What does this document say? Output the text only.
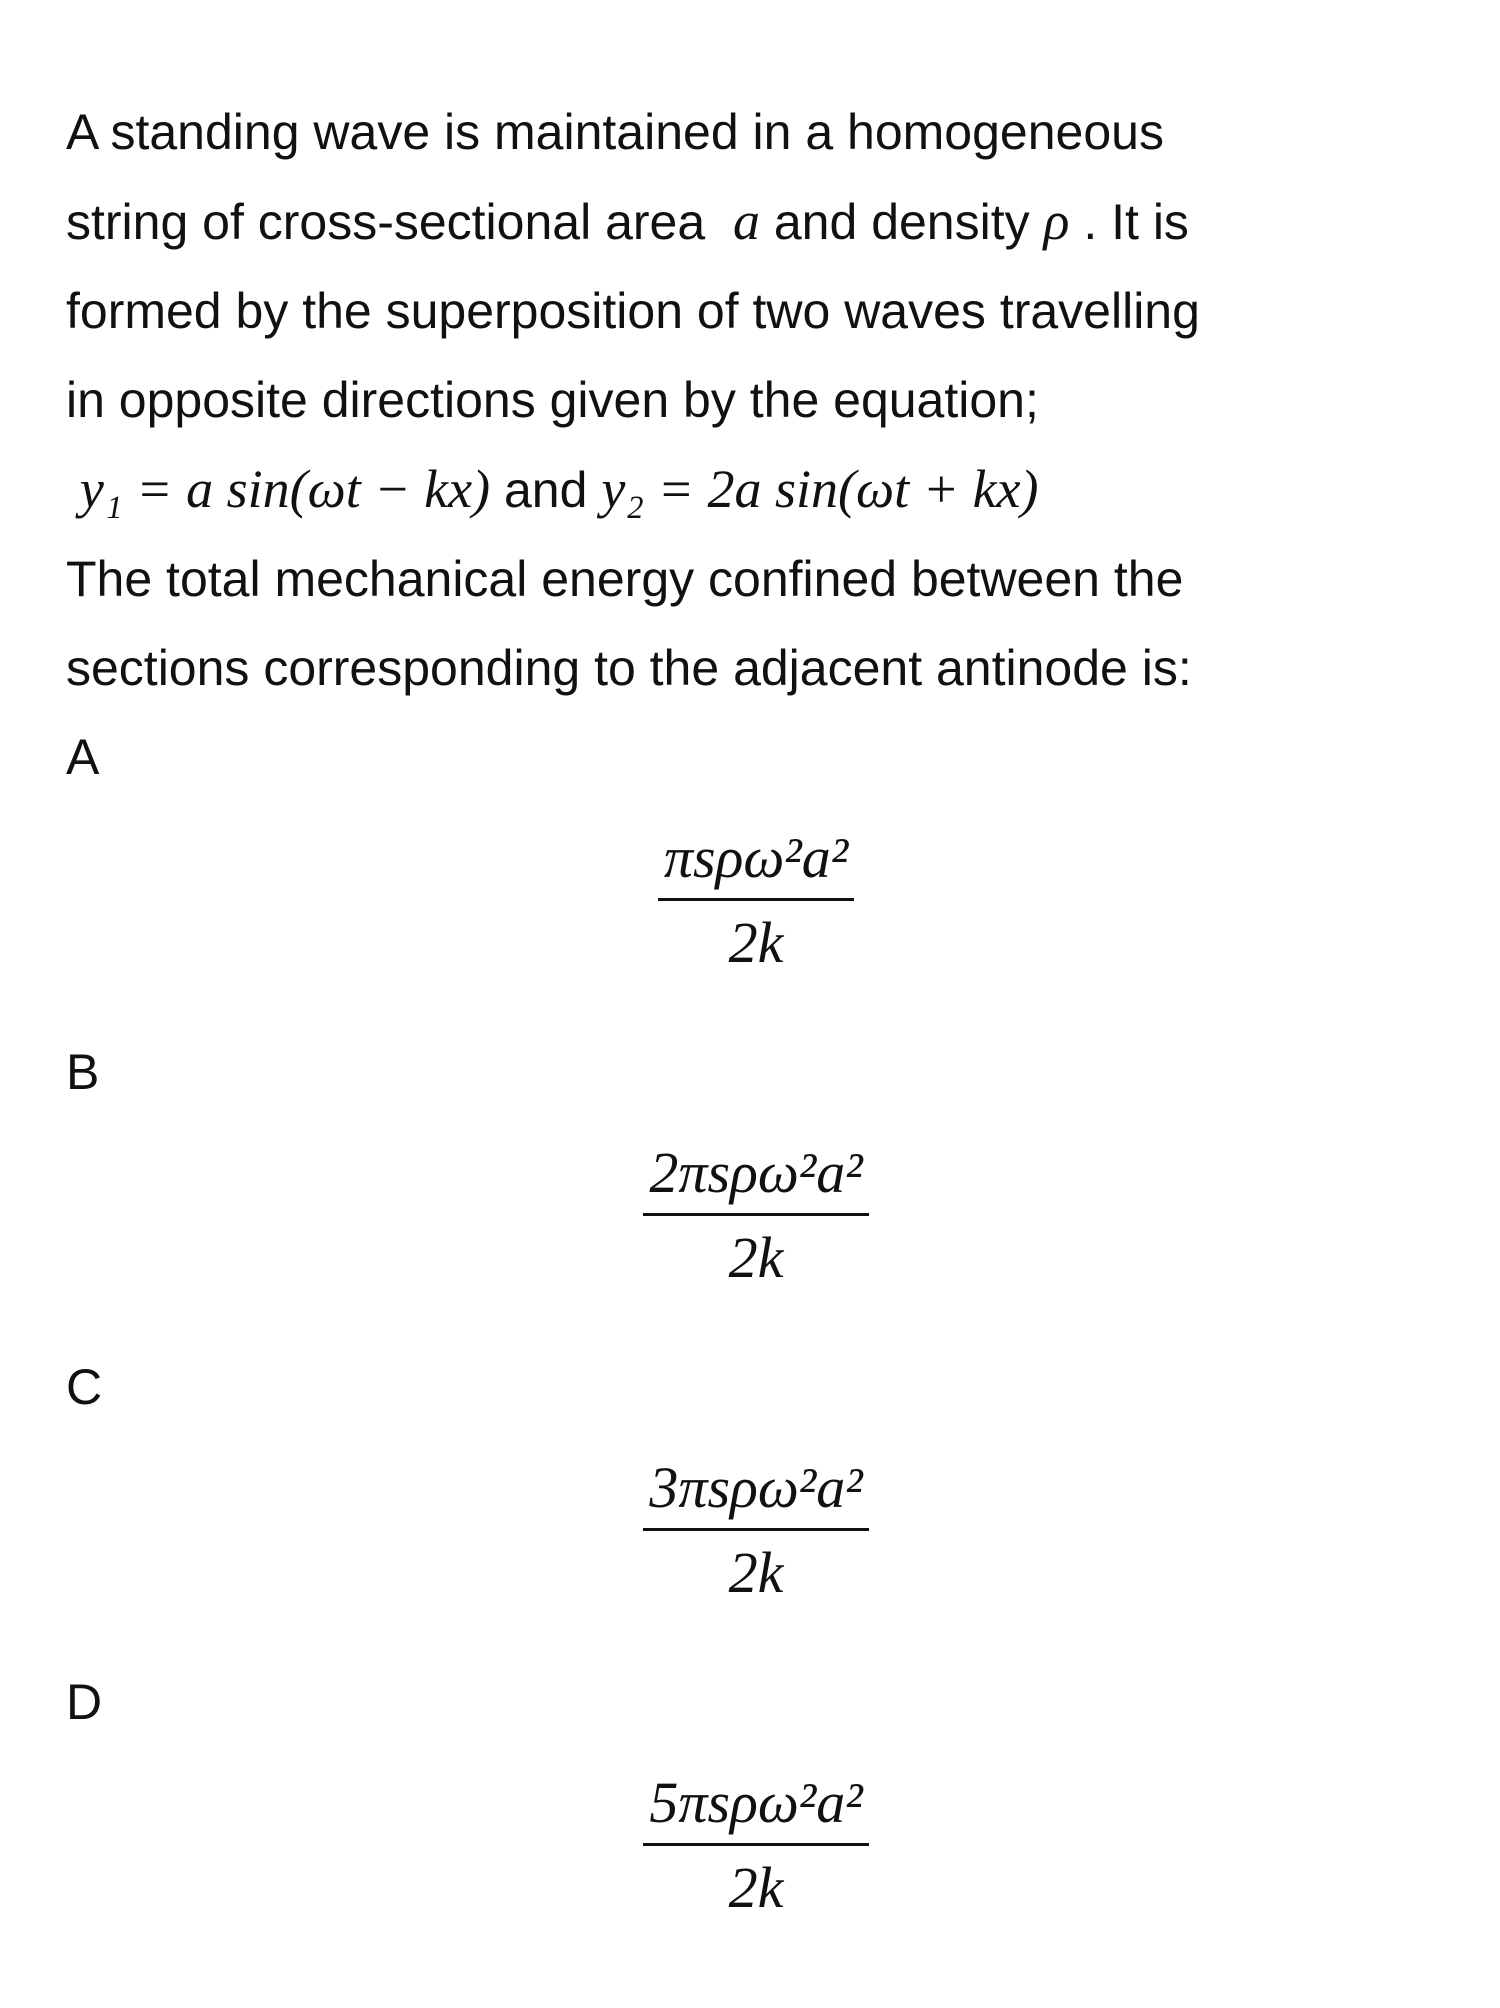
A standing wave is maintained in a homogeneous
string of cross-sectional area a and density ρ . It is
formed by the superposition of two waves travelling
in opposite directions given by the equation;
y₁ = a sin(ωt − kx) and y₂ = 2a sin(ωt + kx)
The total mechanical energy confined between the
sections corresponding to the adjacent antinode is:

A

$\frac{\text{πsρω²a²}}{2k}$

B

$\frac{\text{2πsρω²a²}}{2k}$

C

$\frac{\text{3πsρω²a²}}{2k}$

D

$\frac{\text{5πsρω²a²}}{2k}$
